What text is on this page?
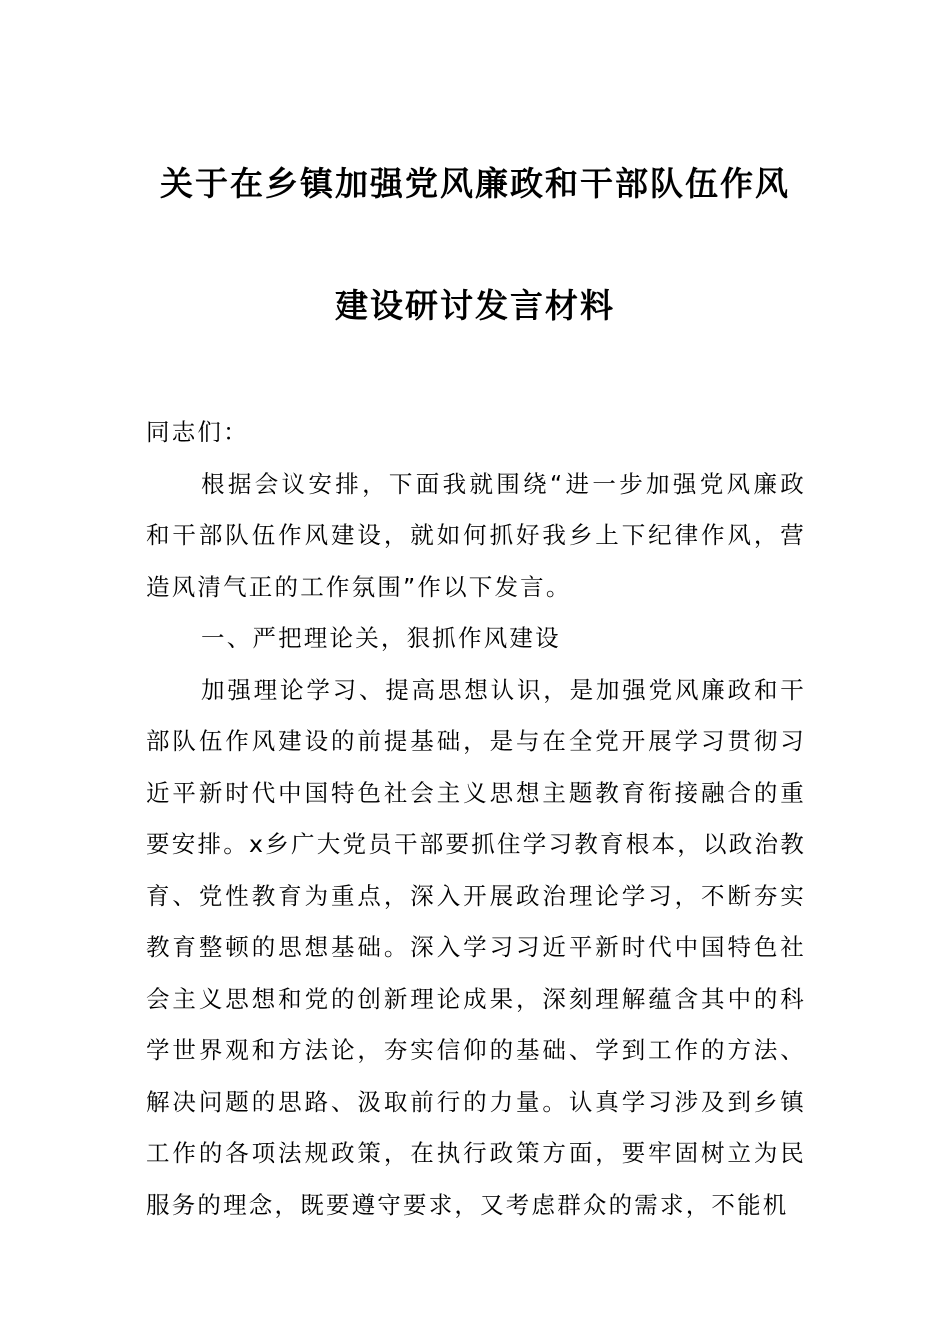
关于在乡镇加强党风廉政和干部队伍作风
建设研讨发言材料

同志们：

根据会议安排，下面我就围绕“进一步加强党风廉政和干部队伍作风建设，就如何抓好我乡上下纪律作风，营造风清气正的工作氛围”作以下发言。

一、严把理论关，狠抓作风建设

加强理论学习、提高思想认识，是加强党风廉政和干部队伍作风建设的前提基础，是与在全党开展学习贯彻习近平新时代中国特色社会主义思想主题教育衔接融合的重要安排。x乡广大党员干部要抓住学习教育根本，以政治教育、党性教育为重点，深入开展政治理论学习，不断夯实教育整顿的思想基础。深入学习习近平新时代中国特色社会主义思想和党的创新理论成果，深刻理解蕴含其中的科学世界观和方法论，夯实信仰的基础、学到工作的方法、解决问题的思路、汲取前行的力量。认真学习涉及到乡镇工作的各项法规政策，在执行政策方面，要牢固树立为民服务的理念，既要遵守要求，又考虑群众的需求，不能机
